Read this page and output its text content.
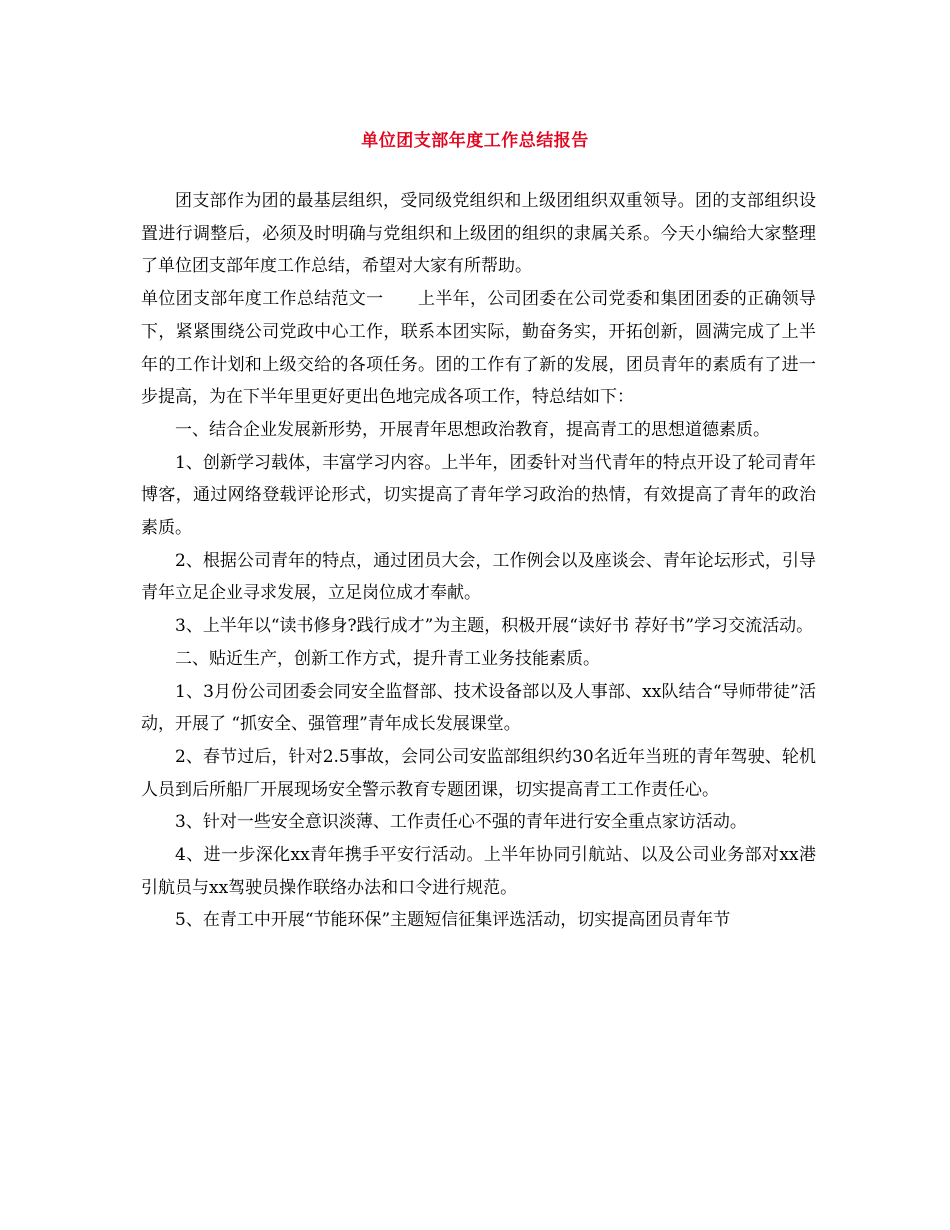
单位团支部年度工作总结报告

团支部作为团的最基层组织，受同级党组织和上级团组织双重领导。团的支部组织设置进行调整后，必须及时明确与党组织和上级团的组织的隶属关系。今天小编给大家整理了单位团支部年度工作总结，希望对大家有所帮助。

单位团支部年度工作总结范文一　　上半年，公司团委在公司党委和集团团委的正确领导下，紧紧围绕公司党政中心工作，联系本团实际，勤奋务实，开拓创新，圆满完成了上半年的工作计划和上级交给的各项任务。团的工作有了新的发展，团员青年的素质有了进一步提高，为在下半年里更好更出色地完成各项工作，特总结如下：

一、结合企业发展新形势，开展青年思想政治教育，提高青工的思想道德素质。

1、创新学习载体，丰富学习内容。上半年，团委针对当代青年的特点开设了轮司青年博客，通过网络登载评论形式，切实提高了青年学习政治的热情，有效提高了青年的政治素质。

2、根据公司青年的特点，通过团员大会，工作例会以及座谈会、青年论坛形式，引导青年立足企业寻求发展，立足岗位成才奉献。

3、上半年以“读书修身?践行成才”为主题，积极开展“读好书 荐好书”学习交流活动。

二、贴近生产，创新工作方式，提升青工业务技能素质。

1、3月份公司团委会同安全监督部、技术设备部以及人事部、xx队结合“导师带徒”活动，开展了 “抓安全、强管理”青年成长发展课堂。

2、春节过后，针对2.5事故，会同公司安监部组织约30名近年当班的青年驾驶、轮机人员到后所船厂开展现场安全警示教育专题团课，切实提高青工工作责任心。

3、针对一些安全意识淡薄、工作责任心不强的青年进行安全重点家访活动。

4、进一步深化xx青年携手平安行活动。上半年协同引航站、以及公司业务部对xx港引航员与xx驾驶员操作联络办法和口令进行规范。

5、在青工中开展“节能环保”主题短信征集评选活动，切实提高团员青年节
